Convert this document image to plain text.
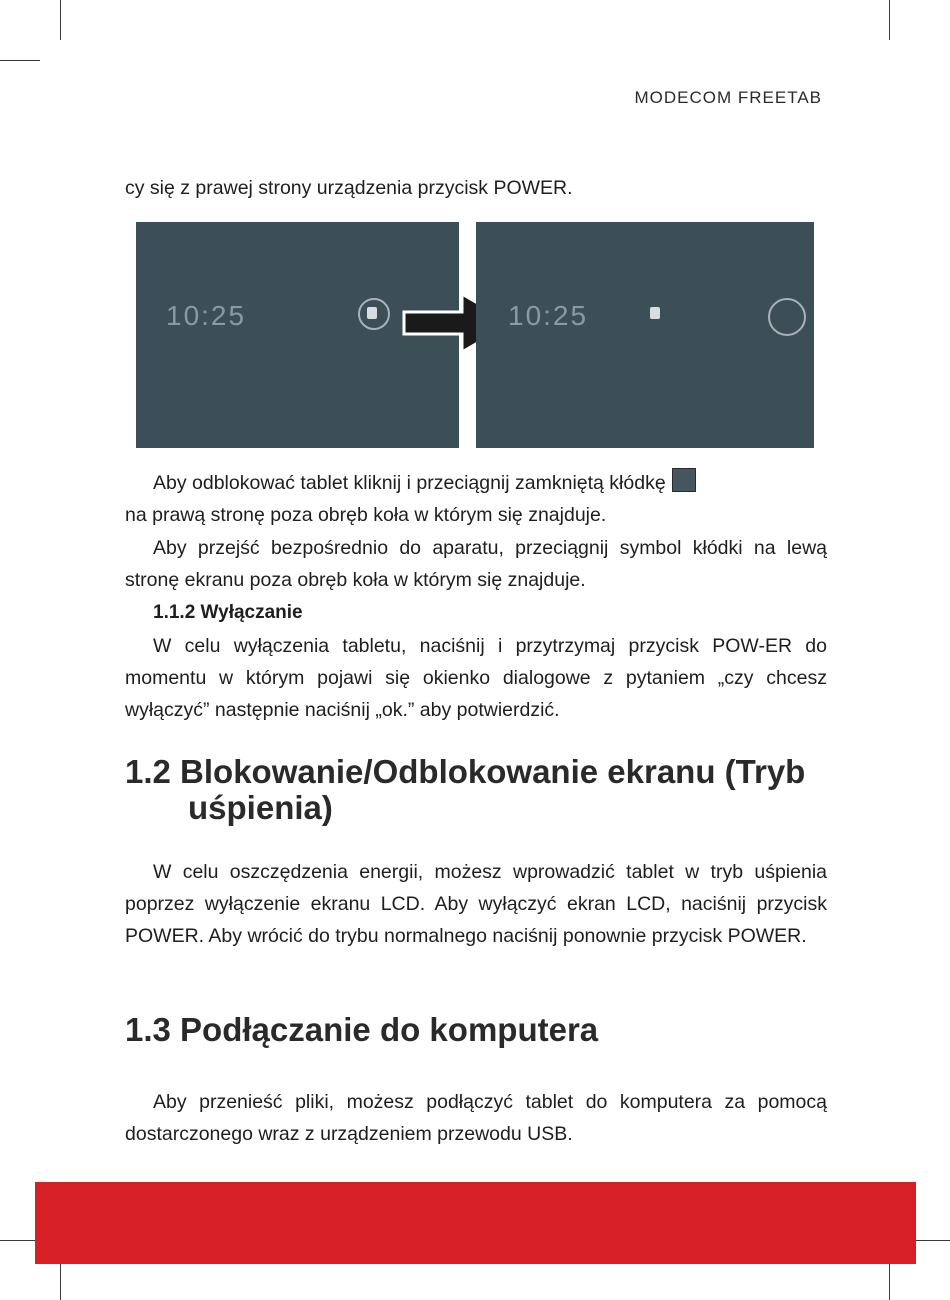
MODECOM FREETAB

cy się z prawej strony urządzenia przycisk POWER.

10:25	10:25

Aby odblokować tablet kliknij i przeciągnij zamkniętą kłódkę
na prawą stronę poza obręb koła w którym się znajduje.

Aby przejść bezpośrednio do aparatu, przeciągnij symbol kłódki na lewą stronę ekranu poza obręb koła w którym się znajduje.

1.1.2 Wyłączanie

W celu wyłączenia tabletu, naciśnij i przytrzymaj przycisk POW-ER do momentu w którym pojawi się okienko dialogowe z pytaniem „czy chcesz wyłączyć” następnie naciśnij „ok.” aby potwierdzić.

1.2 Blokowanie/Odblokowanie ekranu (Tryb
uśpienia)

W celu oszczędzenia energii, możesz wprowadzić tablet w tryb uśpienia poprzez wyłączenie ekranu LCD. Aby wyłączyć ekran LCD, naciśnij przycisk POWER. Aby wrócić do trybu normalnego naciśnij ponownie przycisk POWER.

1.3 Podłączanie do komputera

Aby przenieść pliki, możesz podłączyć tablet do komputera za pomocą dostarczonego wraz z urządzeniem przewodu USB.
